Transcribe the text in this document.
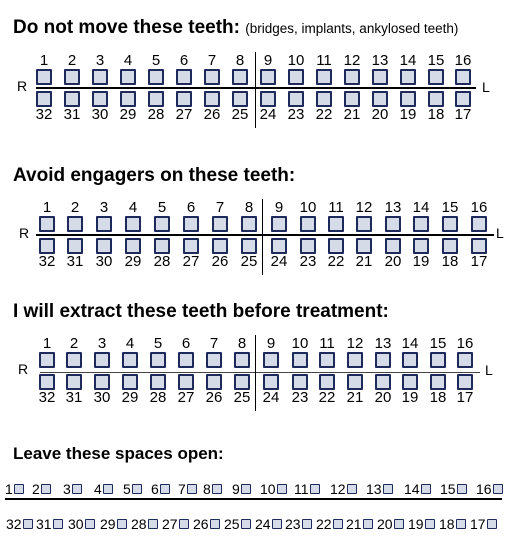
Do not move these teeth: (bridges, implants, ankylosed teeth)
R	L
1 2 3 4 5 6 7 8 9 10 11 12 13 14 15 16
32 31 30 29 28 27 26 25 24 23 22 21 20 19 18 17
Avoid engagers on these teeth:
R	L
1 2 3 4 5 6 7 8 9 10 11 12 13 14 15 16
32 31 30 29 28 27 26 25 24 23 22 21 20 19 18 17
I will extract these teeth before treatment:
R	L
1 2 3 4 5 6 7 8 9 10 11 12 13 14 15 16
32 31 30 29 28 27 26 25 24 23 22 21 20 19 18 17
Leave these spaces open:
1 2 3 4 5 6 7 8 9 10 11 12 13 14 15 16
32 31 30 29 28 27 26 25 24 23 22 21 20 19 18 17
